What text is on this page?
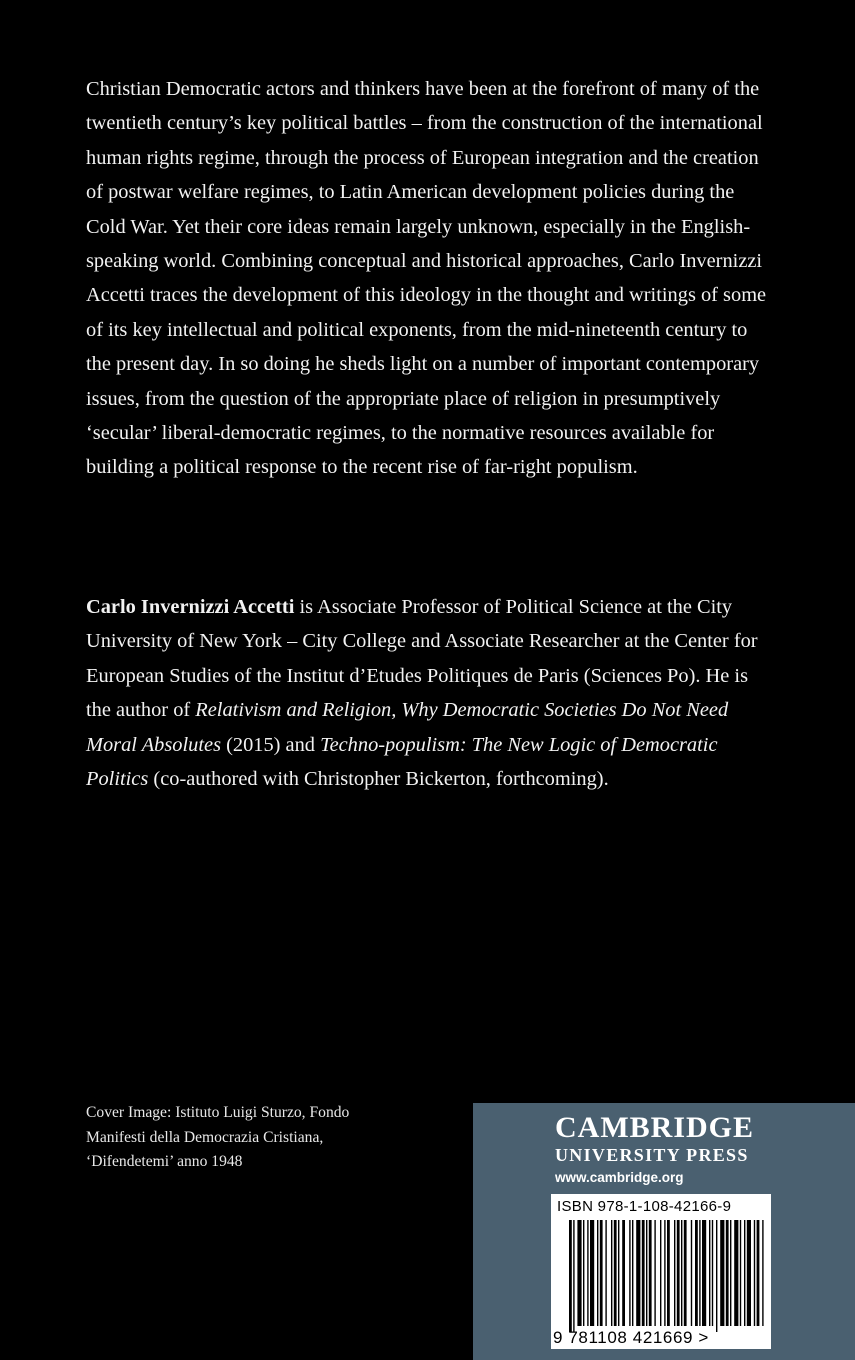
Christian Democratic actors and thinkers have been at the forefront of many of the twentieth century’s key political battles – from the construction of the international human rights regime, through the process of European integration and the creation of postwar welfare regimes, to Latin American development policies during the Cold War. Yet their core ideas remain largely unknown, especially in the English-speaking world. Combining conceptual and historical approaches, Carlo Invernizzi Accetti traces the development of this ideology in the thought and writings of some of its key intellectual and political exponents, from the mid-nineteenth century to the present day. In so doing he sheds light on a number of important contemporary issues, from the question of the appropriate place of religion in presumptively ‘secular’ liberal-democratic regimes, to the normative resources available for building a political response to the recent rise of far-right populism.

Carlo Invernizzi Accetti is Associate Professor of Political Science at the City University of New York – City College and Associate Researcher at the Center for European Studies of the Institut d’Etudes Politiques de Paris (Sciences Po). He is the author of Relativism and Religion, Why Democratic Societies Do Not Need Moral Absolutes (2015) and Techno-populism: The New Logic of Democratic Politics (co-authored with Christopher Bickerton, forthcoming).

Cover Image: Istituto Luigi Sturzo, Fondo
Manifesti della Democrazia Cristiana,
‘Difendetemi’ anno 1948
CAMBRIDGE
UNIVERSITY PRESS
www.cambridge.org
ISBN 978-1-108-42166-9
9 781108 421669 >
